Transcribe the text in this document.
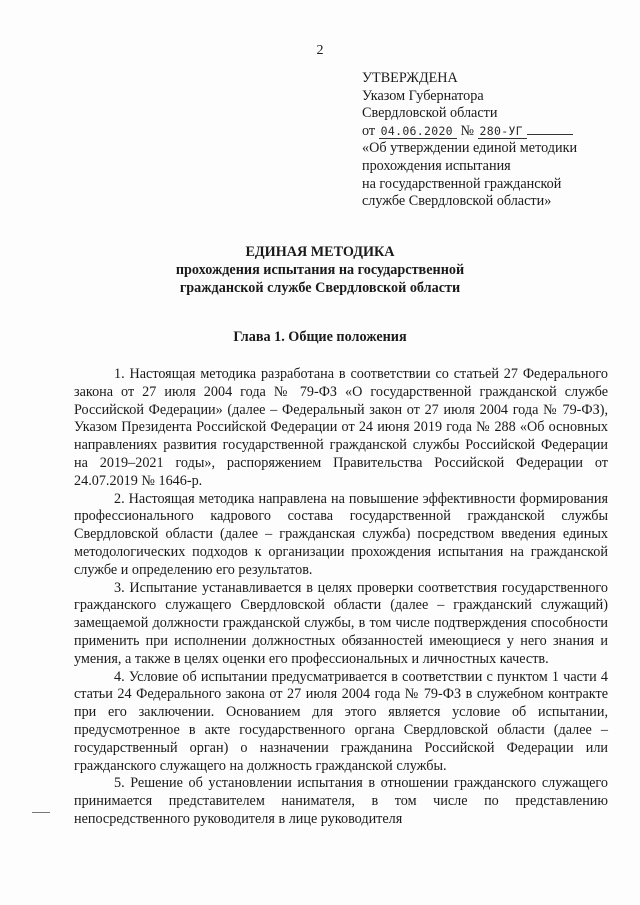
2
УТВЕРЖДЕНА
Указом Губернатора
Свердловской области
от 04.06.2020 № 280-УГ
«Об утверждении единой методики
прохождения испытания
на государственной гражданской
службе Свердловской области»
ЕДИНАЯ МЕТОДИКА
прохождения испытания на государственной
гражданской службе Свердловской области
Глава 1. Общие положения

1. Настоящая методика разработана в соответствии со статьей 27 Федерального закона от 27 июля 2004 года № 79-ФЗ «О государственной гражданской службе Российской Федерации» (далее – Федеральный закон от 27 июля 2004 года № 79-ФЗ), Указом Президента Российской Федерации от 24 июня 2019 года № 288 «Об основных направлениях развития государственной гражданской службы Российской Федерации на 2019–2021 годы», распоряжением Правительства Российской Федерации от 24.07.2019 № 1646-р.

2. Настоящая методика направлена на повышение эффективности формирования профессионального кадрового состава государственной гражданской службы Свердловской области (далее – гражданская служба) посредством введения единых методологических подходов к организации прохождения испытания на гражданской службе и определению его результатов.

3. Испытание устанавливается в целях проверки соответствия государственного гражданского служащего Свердловской области (далее – гражданский служащий) замещаемой должности гражданской службы, в том числе подтверждения способности применить при исполнении должностных обязанностей имеющиеся у него знания и умения, а также в целях оценки его профессиональных и личностных качеств.

4. Условие об испытании предусматривается в соответствии с пунктом 1 части 4 статьи 24 Федерального закона от 27 июля 2004 года № 79-ФЗ в служебном контракте при его заключении. Основанием для этого является условие об испытании, предусмотренное в акте государственного органа Свердловской области (далее – государственный орган) о назначении гражданина Российской Федерации или гражданского служащего на должность гражданской службы.

5. Решение об установлении испытания в отношении гражданского служащего принимается представителем нанимателя, в том числе по представлению непосредственного руководителя в лице руководителя
